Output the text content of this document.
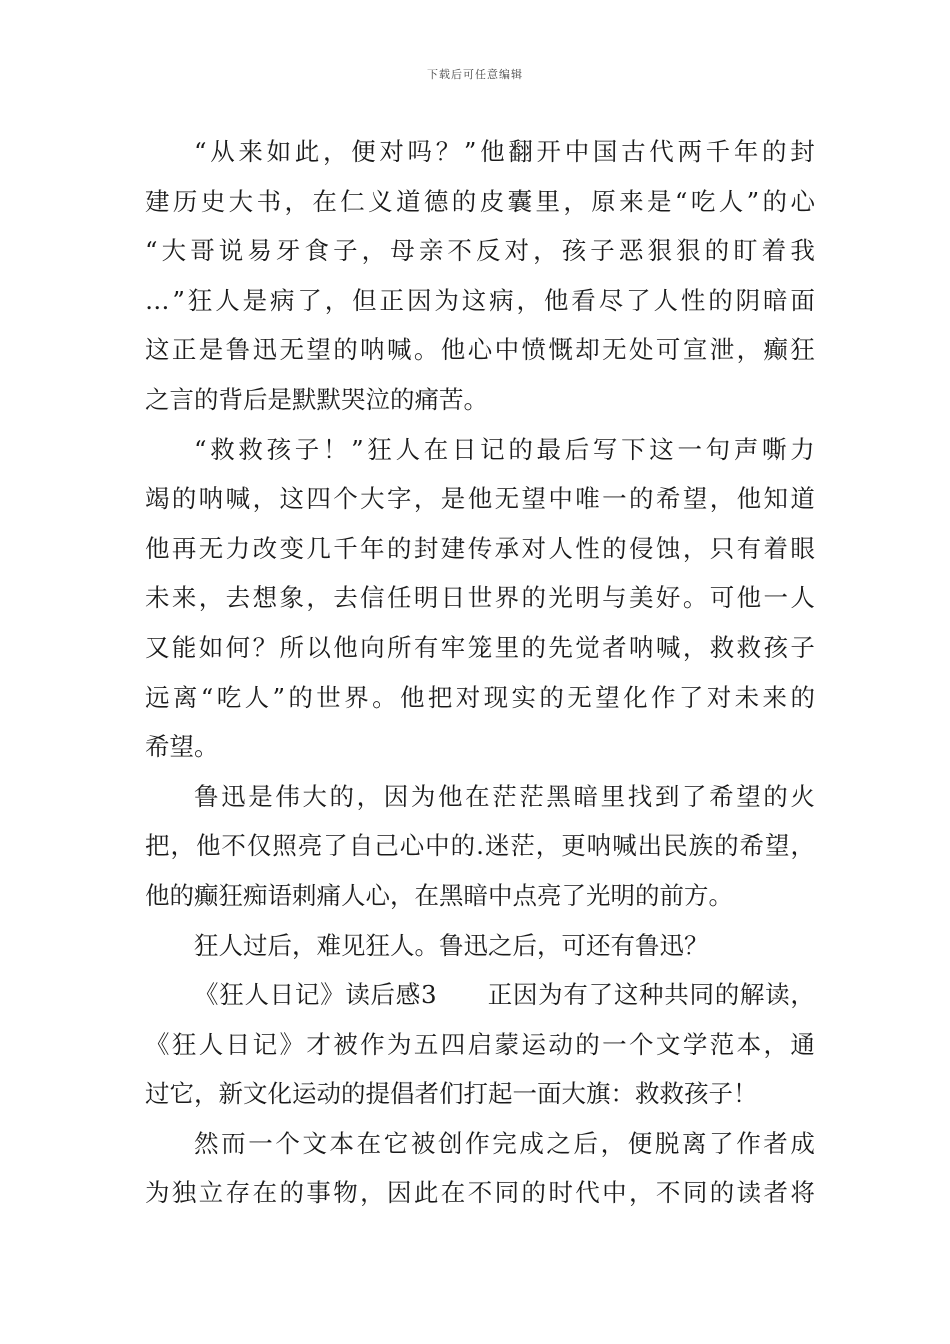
下载后可任意编辑
“ 从 来 如 此 ， 便 对 吗 ？ ” 他 翻 开 中 国 古 代 两 千 年 的 封
建 历 史 大 书 ， 在 仁 义 道 德 的 皮 囊 里 ， 原 来 是 “ 吃 人 ” 的 心
“ 大 哥 说 易 牙 食 子 ， 母 亲 不 反 对 ， 孩 子 恶 狠 狠 的 盯 着 我
… ” 狂 人 是 病 了 ， 但 正 因 为 这 病 ， 他 看 尽 了 人 性 的 阴 暗 面
这 正 是 鲁 迅 无 望 的 呐 喊 。 他 心 中 愤 慨 却 无 处 可 宣 泄 ， 癫 狂
之言的背后是默默哭泣的痛苦。
“ 救 救 孩 子 ！ ” 狂 人 在 日 记 的 最 后 写 下 这 一 句 声 嘶 力
竭 的 呐 喊 ， 这 四 个 大 字 ， 是 他 无 望 中 唯 一 的 希 望 ， 他 知 道
他 再 无 力 改 变 几 千 年 的 封 建 传 承 对 人 性 的 侵 蚀 ， 只 有 着 眼
未 来 ， 去 想 象 ， 去 信 任 明 日 世 界 的 光 明 与 美 好 。 可 他 一 人
又 能 如 何 ？ 所 以 他 向 所 有 牢 笼 里 的 先 觉 者 呐 喊 ， 救 救 孩 子
远 离 “ 吃 人 ” 的 世 界 。 他 把 对 现 实 的 无 望 化 作 了 对 未 来 的
希望。
鲁 迅 是 伟 大 的 ， 因 为 他 在 茫 茫 黑 暗 里 找 到 了 希 望 的 火
把 ， 他 不 仅 照 亮 了 自 己 心 中 的 . 迷 茫 ， 更 呐 喊 出 民 族 的 希 望 ，
他的癫狂痴语刺痛人心，在黑暗中点亮了光明的前方。
狂人过后，难见狂人。鲁迅之后，可还有鲁迅？
《 狂 人 日 记 》 读 后 感 3

　 正 因 为 有 了 这 种 共 同 的 解 读 ，
《 狂 人 日 记 》 才 被 作 为 五 四 启 蒙 运 动 的 一 个 文 学 范 本 ， 通
过它，新文化运动的提倡者们打起一面大旗：救救孩子！
然 而 一 个 文 本 在 它 被 创 作 完 成 之 后 ， 便 脱 离 了 作 者 成
为 独 立 存 在 的 事 物 ， 因 此 在 不 同 的 时 代 中 ， 不 同 的 读 者 将
